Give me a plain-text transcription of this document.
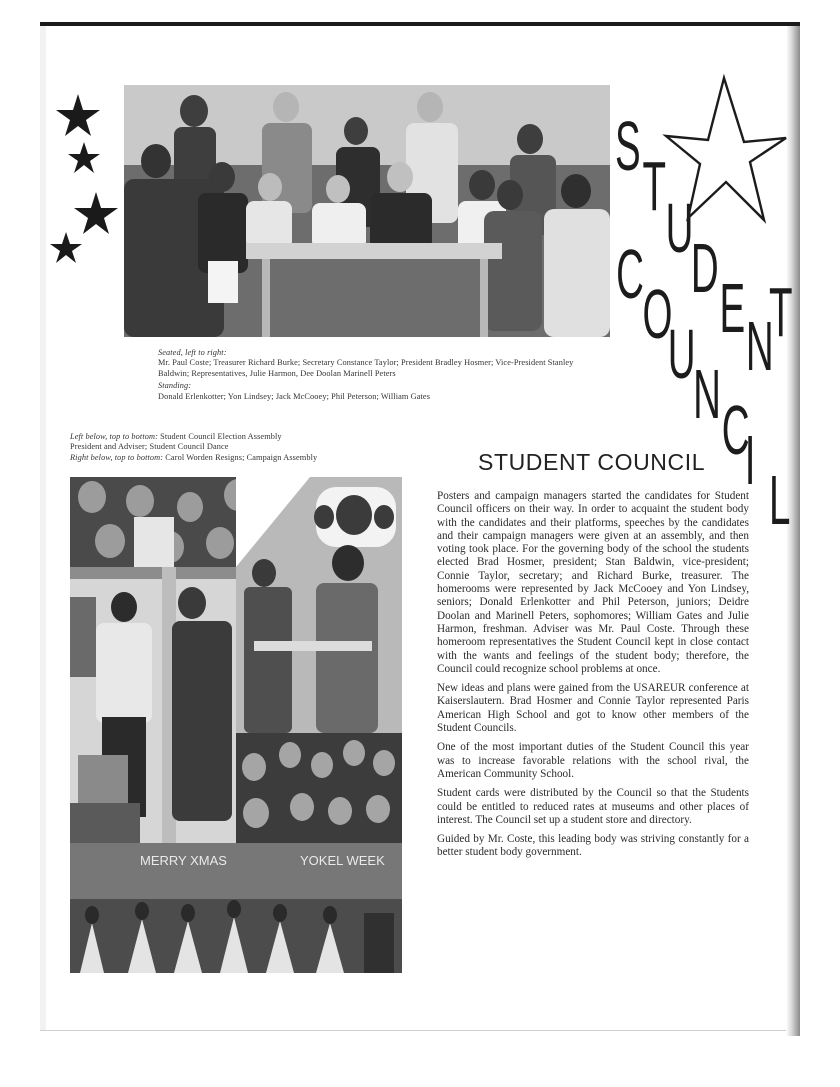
Seated, left to right:

Mr. Paul Coste; Treasurer Richard Burke; Secretary Constance Taylor; President Bradley Hosmer; Vice-President Stanley Baldwin; Representatives, Julie Harmon, Dee Doolan Marinell Peters

Standing:

Donald Erlenkotter; Yon Lindsey; Jack McCooey; Phil Peterson; William Gates

S
T
U
D
E N
T
C
O
U
N C
I
L

Left below, top to bottom: Student Council Election Assembly

President and Adviser; Student Council Dance

Right below, top to bottom: Carol Worden Resigns; Campaign Assembly

MERRY XMAS	YOKEL WEEK
STUDENT COUNCIL

Posters and campaign managers started the candidates for Student Council officers on their way. In order to acquaint the student body with the candidates and their platforms, speeches by the candidates and their campaign managers were given at an assembly, and then voting took place. For the governing body of the school the students elected Brad Hosmer, president; Stan Baldwin, vice-president; Connie Taylor, secretary; and Richard Burke, treasurer. The homerooms were represented by Jack McCooey and Yon Lindsey, seniors; Donald Erlenkotter and Phil Peterson, juniors; Deidre Doolan and Marinell Peters, sophomores; William Gates and Julie Harmon, freshman. Adviser was Mr. Paul Coste. Through these homeroom representatives the Student Council kept in close contact with the wants and feelings of the student body; therefore, the Council could recognize school problems at once.

New ideas and plans were gained from the USAREUR conference at Kaiserslautern. Brad Hosmer and Connie Taylor represented Paris American High School and got to know other members of the Student Councils.

One of the most important duties of the Student Council this year was to increase favorable relations with the school rival, the American Community School.

Student cards were distributed by the Council so that the Students could be entitled to reduced rates at museums and other places of interest. The Council set up a student store and directory.

Guided by Mr. Coste, this leading body was striving constantly for a better student body government.
